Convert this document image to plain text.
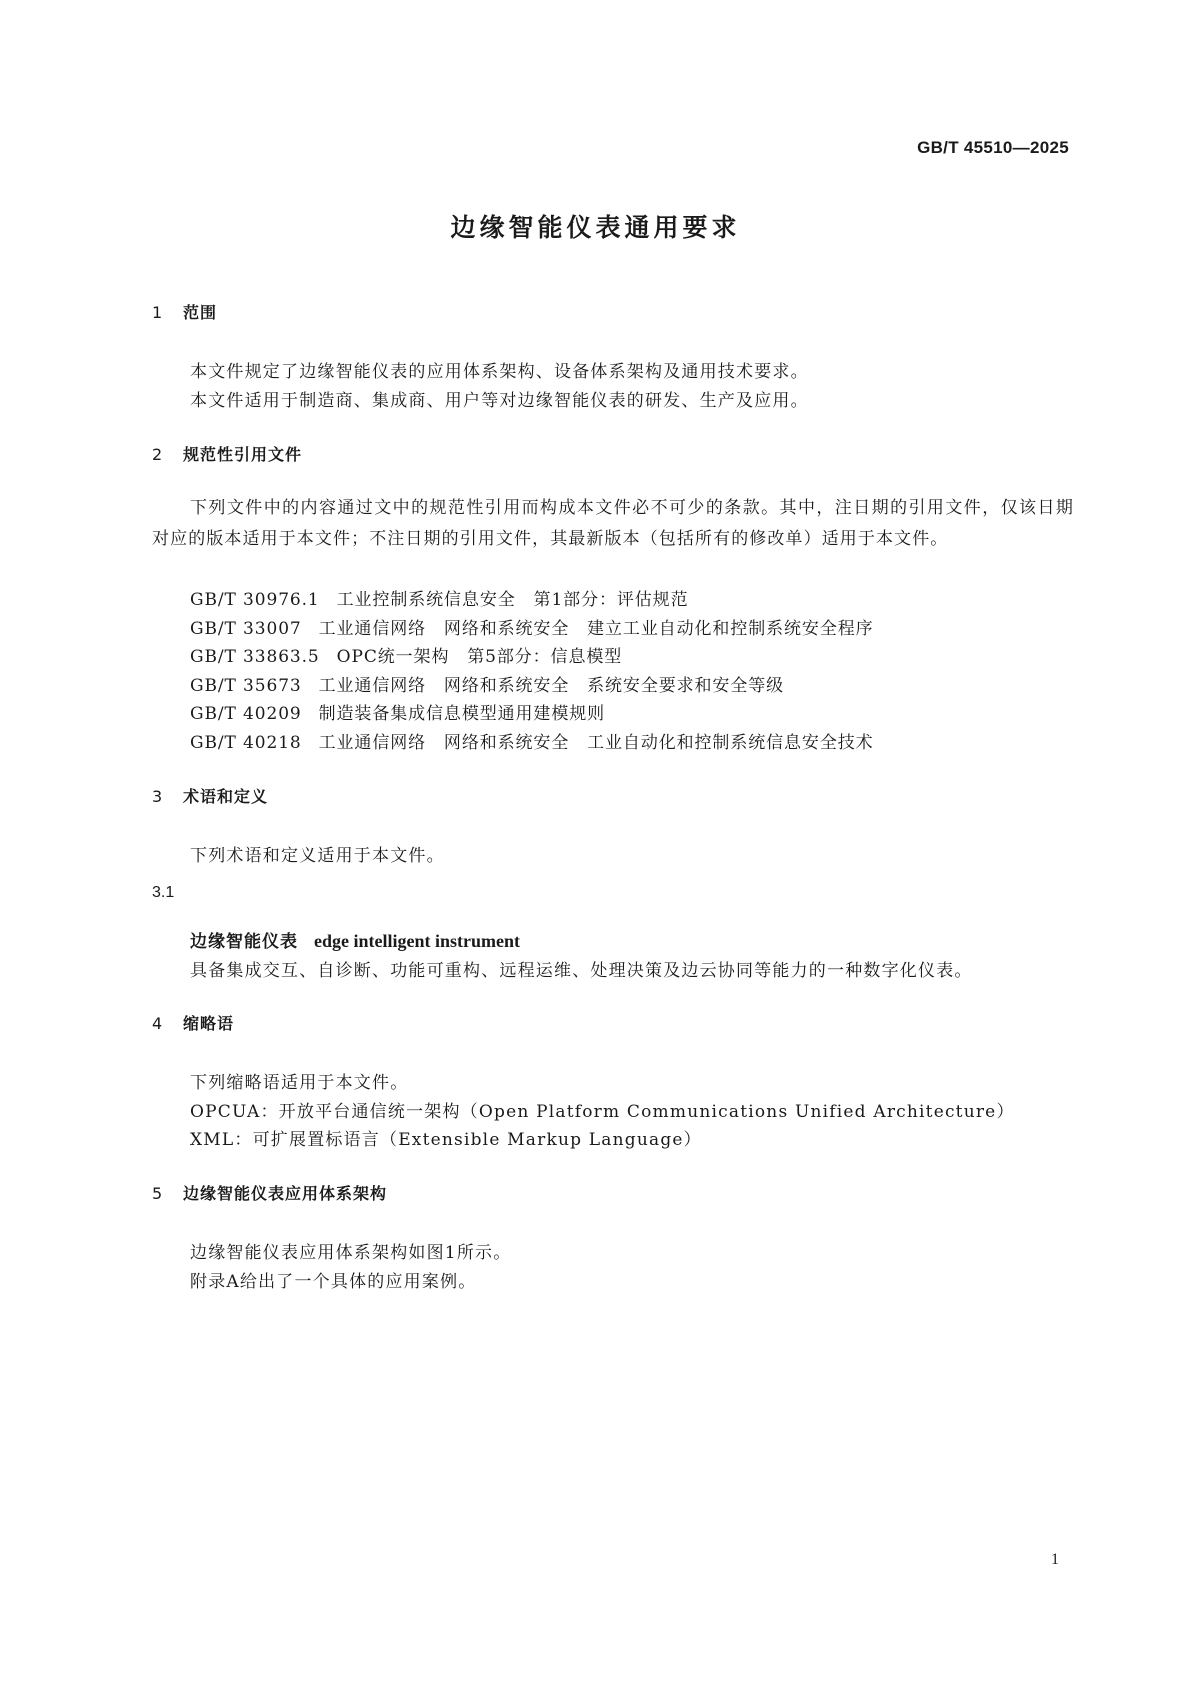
GB/T 45510—2025
边缘智能仪表通用要求
1 范围
本文件规定了边缘智能仪表的应用体系架构、设备体系架构及通用技术要求。
本文件适用于制造商、集成商、用户等对边缘智能仪表的研发、生产及应用。
2 规范性引用文件
下列文件中的内容通过文中的规范性引用而构成本文件必不可少的条款。其中，注日期的引用文件，仅该日期对应的版本适用于本文件；不注日期的引用文件，其最新版本（包括所有的修改单）适用于本文件。
GB/T 30976.1 工业控制系统信息安全　第1部分：评估规范
GB/T 33007 工业通信网络　网络和系统安全　建立工业自动化和控制系统安全程序
GB/T 33863.5 OPC统一架构　第5部分：信息模型
GB/T 35673 工业通信网络　网络和系统安全　系统安全要求和安全等级
GB/T 40209 制造装备集成信息模型通用建模规则
GB/T 40218 工业通信网络　网络和系统安全　工业自动化和控制系统信息安全技术
3 术语和定义
下列术语和定义适用于本文件。
3.1
边缘智能仪表 edge intelligent instrument
具备集成交互、自诊断、功能可重构、远程运维、处理决策及边云协同等能力的一种数字化仪表。
4 缩略语
下列缩略语适用于本文件。
OPCUA：开放平台通信统一架构（Open Platform Communications Unified Architecture）
XML：可扩展置标语言（Extensible Markup Language）
5 边缘智能仪表应用体系架构
边缘智能仪表应用体系架构如图1所示。
附录A给出了一个具体的应用案例。
1
